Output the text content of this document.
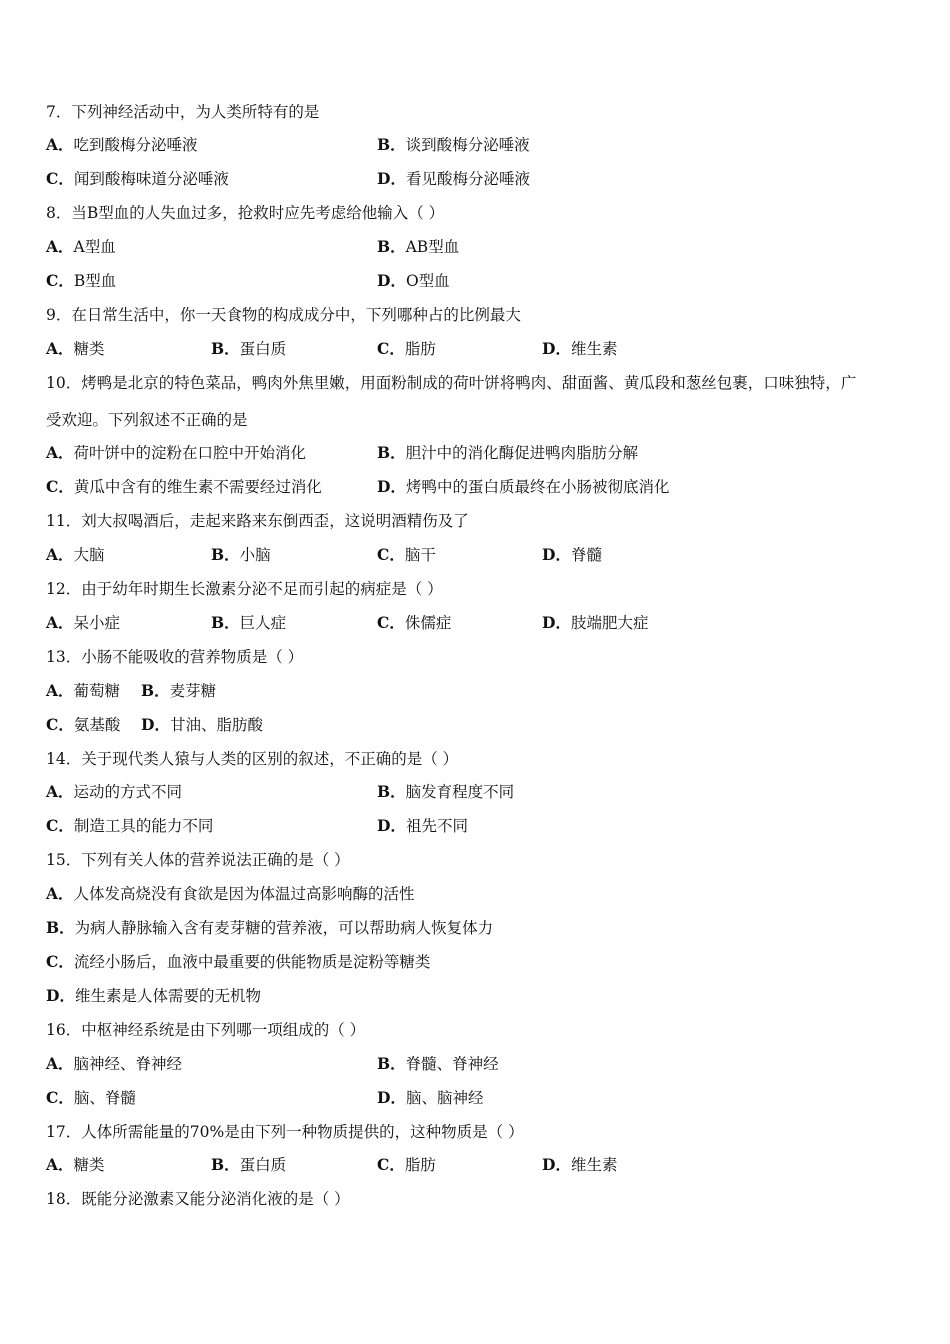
7．下列神经活动中，为人类所特有的是
A．吃到酸梅分泌唾液	B．谈到酸梅分泌唾液
C．闻到酸梅味道分泌唾液	D．看见酸梅分泌唾液
8．当B型血的人失血过多，抢救时应先考虑给他输入（ ）
A．A型血	B．AB型血
C．B型血	D．O型血
9．在日常生活中，你一天食物的构成成分中，下列哪种占的比例最大
A．糖类	B．蛋白质	C．脂肪	D．维生素
10．烤鸭是北京的特色菜品，鸭肉外焦里嫩，用面粉制成的荷叶饼将鸭肉、甜面酱、黄瓜段和葱丝包裹，口味独特，广
受欢迎。下列叙述不正确的是
A．荷叶饼中的淀粉在口腔中开始消化	B．胆汁中的消化酶促进鸭肉脂肪分解
C．黄瓜中含有的维生素不需要经过消化	D．烤鸭中的蛋白质最终在小肠被彻底消化
11．刘大叔喝酒后，走起来路来东倒西歪，这说明酒精伤及了
A．大脑	B．小脑	C．脑干	D．脊髓
12．由于幼年时期生长激素分泌不足而引起的病症是（ ）
A．呆小症	B．巨人症	C．侏儒症	D．肢端肥大症
13．小肠不能吸收的营养物质是（ ）
A．葡萄糖 B．麦芽糖
C．氨基酸 D．甘油、脂肪酸
14．关于现代类人猿与人类的区别的叙述，不正确的是（ ）
A．运动的方式不同	B．脑发育程度不同
C．制造工具的能力不同	D．祖先不同
15．下列有关人体的营养说法正确的是（ ）
A．人体发高烧没有食欲是因为体温过高影响酶的活性
B．为病人静脉输入含有麦芽糖的营养液，可以帮助病人恢复体力
C．流经小肠后，血液中最重要的供能物质是淀粉等糖类
D．维生素是人体需要的无机物
16．中枢神经系统是由下列哪一项组成的（ ）
A．脑神经、脊神经	B．脊髓、脊神经
C．脑、脊髓	D．脑、脑神经
17．人体所需能量的70%是由下列一种物质提供的，这种物质是（ ）
A．糖类	B．蛋白质	C．脂肪	D．维生素
18．既能分泌激素又能分泌消化液的是（ ）
